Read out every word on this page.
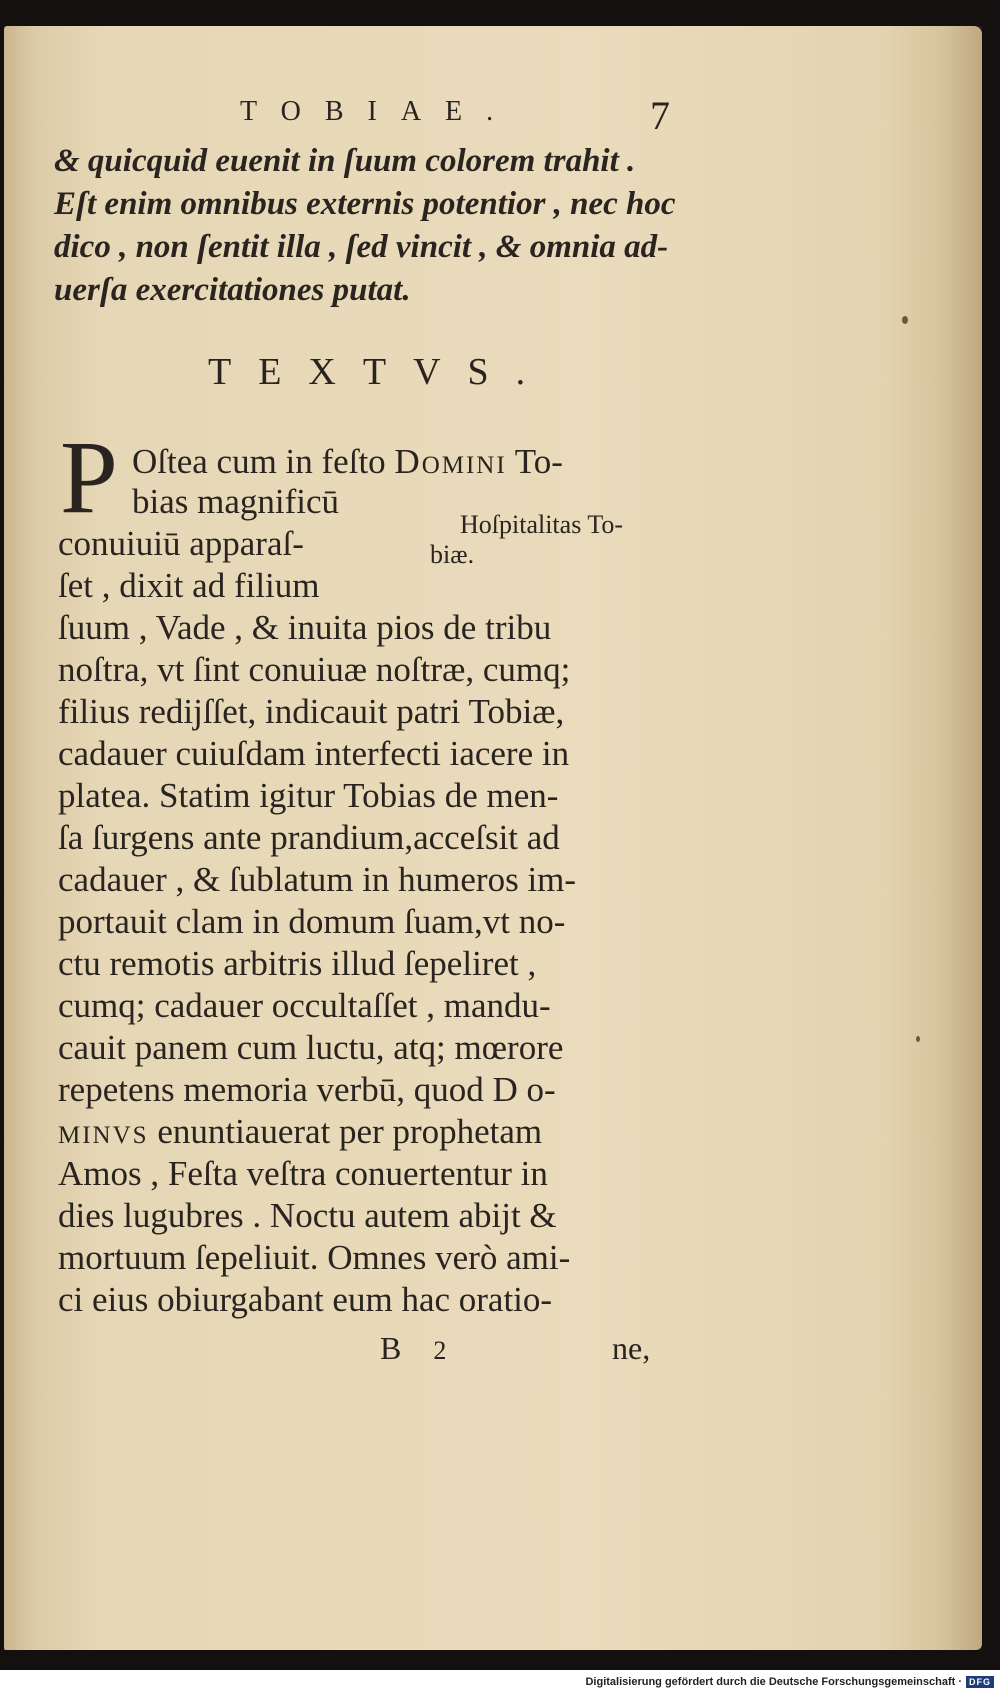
TOBIAE.	7
& quicquid euenit in ſuum colorem trahit .
Eſt enim omnibus externis potentior , nec hoc
dico , non ſentit illa , ſed vincit , & omnia ad-
uerſa exercitationes putat.
TEXTVS.
P Oſtea cum in feſto Domini To-
bias magnificū
conuiuiū apparaſ-
ſet , dixit ad filium
Hoſpitalitas To-
biæ.
ſuum , Vade , & inuita pios de tribu
noſtra, vt ſint conuiuæ noſtræ, cumq;
filius redijſſet, indicauit patri Tobiæ,
cadauer cuiuſdam interfecti iacere in
platea. Statim igitur Tobias de men-
ſa ſurgens ante prandium,acceſsit ad
cadauer , & ſublatum in humeros im-
portauit clam in domum ſuam,vt no-
ctu remotis arbitris illud ſepeliret ,
cumq; cadauer occultaſſet , mandu-
cauit panem cum luctu, atq; mœrore
repetens memoria verbū, quod D o-
minvs enuntiauerat per prophetam
Amos , Feſta veſtra conuertentur in
dies lugubres . Noctu autem abijt &
mortuum ſepeliuit. Omnes verò ami-
ci eius obiurgabant eum hac oratio-
B 2	ne,
Digitalisierung gefördert durch die Deutsche Forschungsgemeinschaft · DFG
